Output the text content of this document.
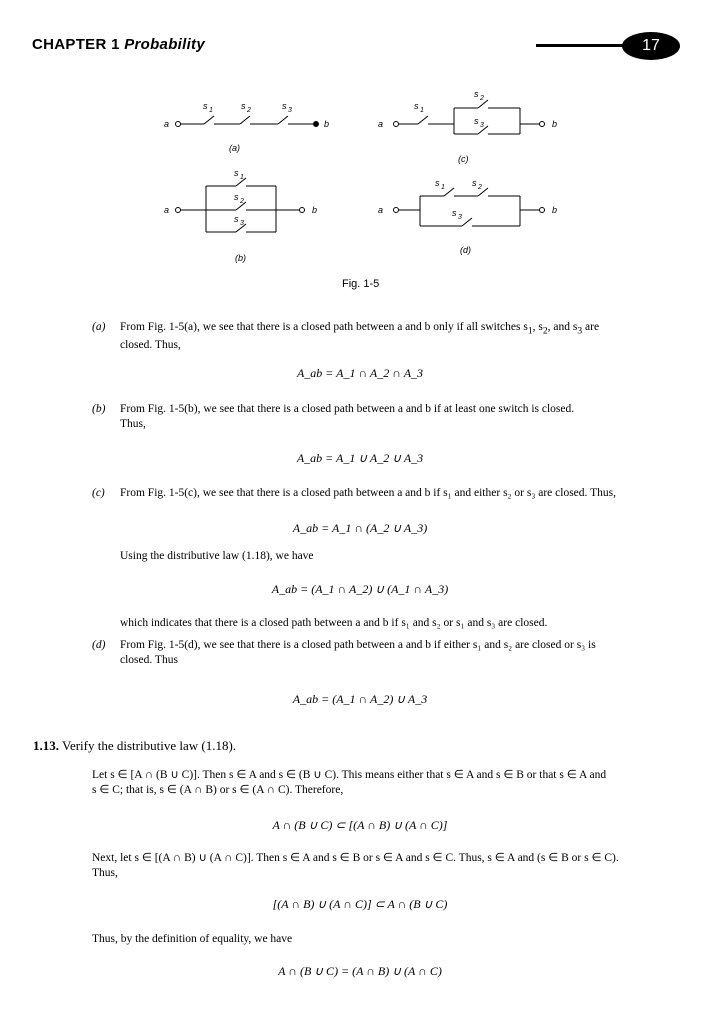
CHAPTER 1 Probability	17
a	b
s 1	s 2	s 3
(a)
a	b
s 1
s 2
s 3
(b)
a	b
s 1
s 2
s 3
(c)
a	b
s 1	s 2
s 3
(d)
Fig. 1-5
(a) From Fig. 1-5(a), we see that there is a closed path between a and b only if all switches $s_1$, $s_2$, and $s_3$ are
closed. Thus,
A_ab = A_1 ∩ A_2 ∩ A_3
(b) From Fig. 1-5(b), we see that there is a closed path between a and b if at least one switch is closed.
Thus,
A_ab = A_1 ∪ A_2 ∪ A_3
(c) From Fig. 1-5(c), we see that there is a closed path between a and b if s₁ and either s₂ or s₃ are closed. Thus,
A_ab = A_1 ∩ (A_2 ∪ A_3)
Using the distributive law (1.18), we have
A_ab = (A_1 ∩ A_2) ∪ (A_1 ∩ A_3)
which indicates that there is a closed path between a and b if s₁ and s₂ or s₁ and s₃ are closed.
(d) From Fig. 1-5(d), we see that there is a closed path between a and b if either s₁ and s₂ are closed or s₃ is
closed. Thus
A_ab = (A_1 ∩ A_2) ∪ A_3
1.13. Verify the distributive law (1.18).
Let s ∈ [A ∩ (B ∪ C)]. Then s ∈ A and s ∈ (B ∪ C). This means either that s ∈ A and s ∈ B or that s ∈ A and
s ∈ C; that is, s ∈ (A ∩ B) or s ∈ (A ∩ C). Therefore,
A ∩ (B ∪ C) ⊂ [(A ∩ B) ∪ (A ∩ C)]
Next, let s ∈ [(A ∩ B) ∪ (A ∩ C)]. Then s ∈ A and s ∈ B or s ∈ A and s ∈ C. Thus, s ∈ A and (s ∈ B or s ∈ C).
Thus,
[(A ∩ B) ∪ (A ∩ C)] ⊂ A ∩ (B ∪ C)
Thus, by the definition of equality, we have
A ∩ (B ∪ C) = (A ∩ B) ∪ (A ∩ C)
